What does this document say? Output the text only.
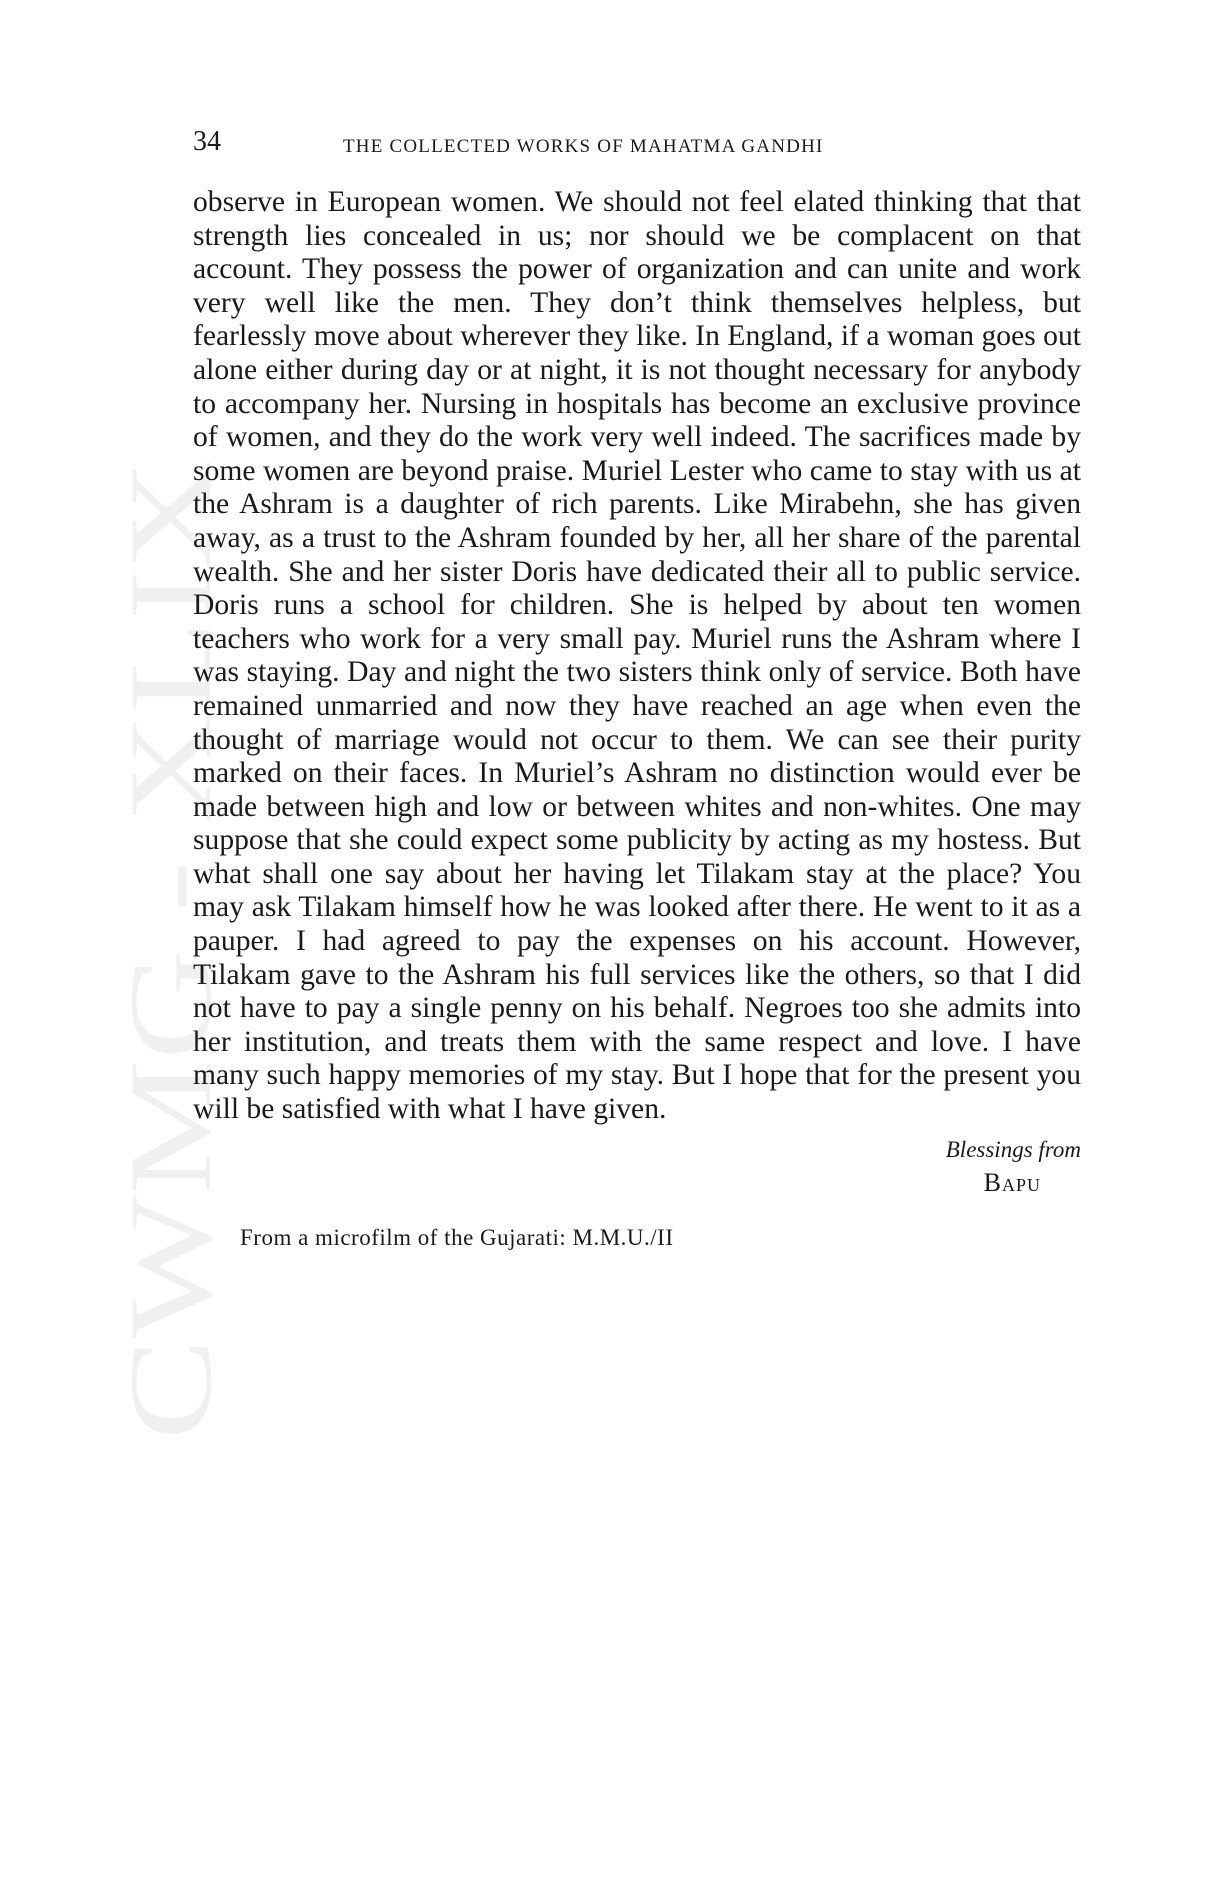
CWMG - XLIX
34	THE COLLECTED WORKS OF MAHATMA GANDHI

observe in European women. We should not feel elated thinking that that strength lies concealed in us; nor should we be complacent on that account. They possess the power of organization and can unite and work very well like the men. They don’t think themselves helpless, but fearlessly move about wherever they like. In England, if a woman goes out alone either during day or at night, it is not thought necessary for anybody to accompany her. Nursing in hospitals has become an exclusive province of women, and they do the work very well indeed. The sacrifices made by some women are beyond praise. Muriel Lester who came to stay with us at the Ashram is a daughter of rich parents. Like Mirabehn, she has given away, as a trust to the Ashram founded by her, all her share of the parental wealth. She and her sister Doris have dedicated their all to public service. Doris runs a school for children. She is helped by about ten women teachers who work for a very small pay. Muriel runs the Ashram where I was staying. Day and night the two sisters think only of service. Both have remained unmarried and now they have reached an age when even the thought of marriage would not occur to them. We can see their purity marked on their faces. In Muriel’s Ashram no distinction would ever be made between high and low or between whites and non-whites. One may suppose that she could expect some publicity by acting as my hostess. But what shall one say about her having let Tilakam stay at the place? You may ask Tilakam himself how he was looked after there. He went to it as a pauper. I had agreed to pay the expenses on his account. However, Tilakam gave to the Ashram his full services like the others, so that I did not have to pay a single penny on his behalf. Negroes too she admits into her institution, and treats them with the same respect and love. I have many such happy memories of my stay. But I hope that for the present you will be satisfied with what I have given.

Blessings from
Bapu
From a microfilm of the Gujarati: M.M.U./II
